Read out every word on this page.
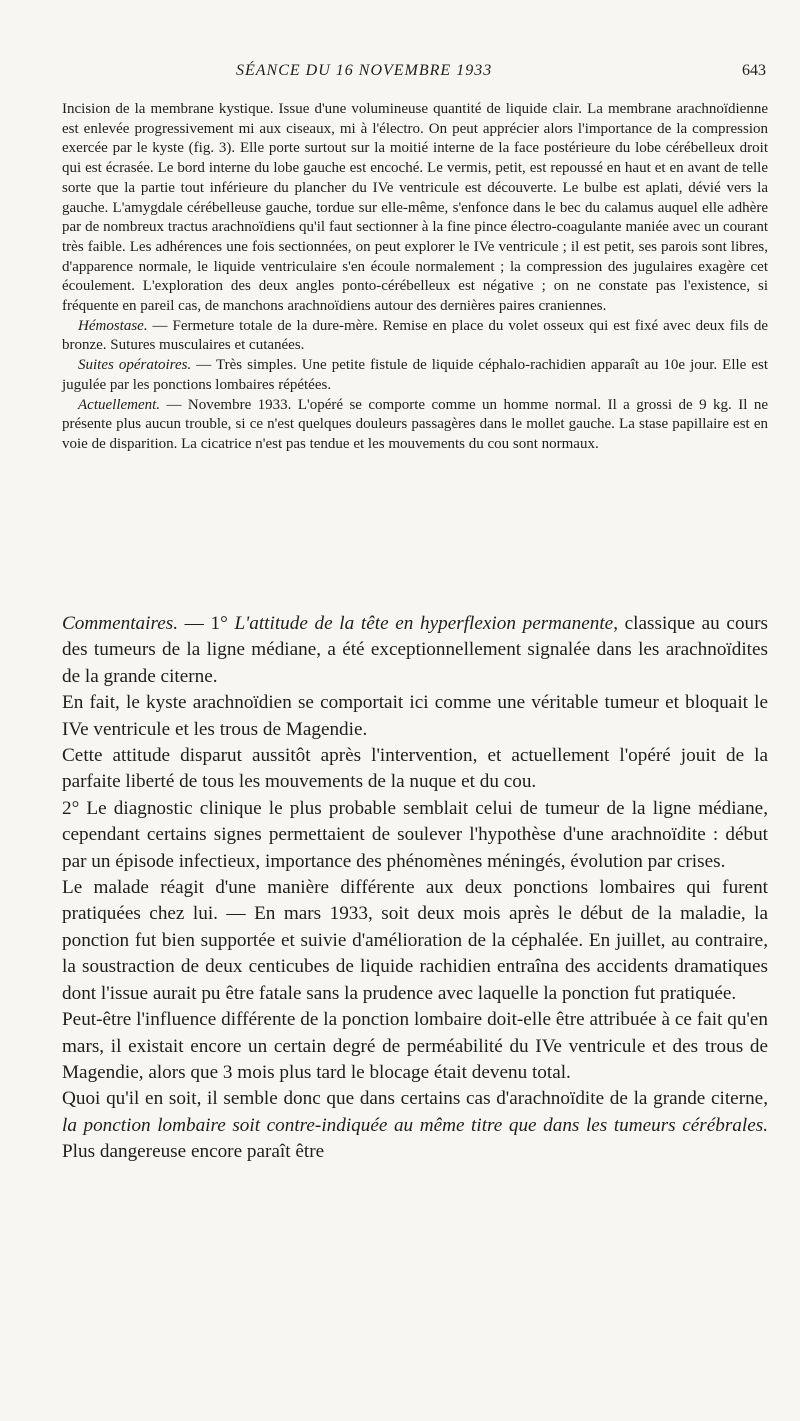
SÉANCE DU 16 NOVEMBRE 1933	643

Incision de la membrane kystique. Issue d'une volumineuse quantité de liquide clair. La membrane arachnoïdienne est enlevée progressivement mi aux ciseaux, mi à l'électro. On peut apprécier alors l'importance de la compression exercée par le kyste (fig. 3). Elle porte surtout sur la moitié interne de la face postérieure du lobe cérébelleux droit qui est écrasée. Le bord interne du lobe gauche est encoché. Le vermis, petit, est repoussé en haut et en avant de telle sorte que la partie tout inférieure du plancher du IVe ventricule est découverte. Le bulbe est aplati, dévié vers la gauche. L'amygdale cérébelleuse gauche, tordue sur elle-même, s'enfonce dans le bec du calamus auquel elle adhère par de nombreux tractus arachnoïdiens qu'il faut sectionner à la fine pince électro-coagulante maniée avec un courant très faible. Les adhérences une fois sectionnées, on peut explorer le IVe ventricule ; il est petit, ses parois sont libres, d'apparence normale, le liquide ventriculaire s'en écoule normalement ; la compression des jugulaires exagère cet écoulement. L'exploration des deux angles ponto-cérébelleux est négative ; on ne constate pas l'existence, si fréquente en pareil cas, de manchons arachnoïdiens autour des dernières paires craniennes.

Hémostase. — Fermeture totale de la dure-mère. Remise en place du volet osseux qui est fixé avec deux fils de bronze. Sutures musculaires et cutanées.

Suites opératoires. — Très simples. Une petite fistule de liquide céphalo-rachidien apparaît au 10e jour. Elle est jugulée par les ponctions lombaires répétées.

Actuellement. — Novembre 1933. L'opéré se comporte comme un homme normal. Il a grossi de 9 kg. Il ne présente plus aucun trouble, si ce n'est quelques douleurs passagères dans le mollet gauche. La stase papillaire est en voie de disparition. La cicatrice n'est pas tendue et les mouvements du cou sont normaux.

Commentaires. — 1° L'attitude de la tête en hyperflexion permanente, classique au cours des tumeurs de la ligne médiane, a été exceptionnellement signalée dans les arachnoïdites de la grande citerne.

En fait, le kyste arachnoïdien se comportait ici comme une véritable tumeur et bloquait le IVe ventricule et les trous de Magendie.

Cette attitude disparut aussitôt après l'intervention, et actuellement l'opéré jouit de la parfaite liberté de tous les mouvements de la nuque et du cou.

2° Le diagnostic clinique le plus probable semblait celui de tumeur de la ligne médiane, cependant certains signes permettaient de soulever l'hypothèse d'une arachnoïdite : début par un épisode infectieux, importance des phénomènes méningés, évolution par crises.

Le malade réagit d'une manière différente aux deux ponctions lombaires qui furent pratiquées chez lui. — En mars 1933, soit deux mois après le début de la maladie, la ponction fut bien supportée et suivie d'amélioration de la céphalée. En juillet, au contraire, la soustraction de deux centicubes de liquide rachidien entraîna des accidents dramatiques dont l'issue aurait pu être fatale sans la prudence avec laquelle la ponction fut pratiquée.

Peut-être l'influence différente de la ponction lombaire doit-elle être attribuée à ce fait qu'en mars, il existait encore un certain degré de perméabilité du IVe ventricule et des trous de Magendie, alors que 3 mois plus tard le blocage était devenu total.

Quoi qu'il en soit, il semble donc que dans certains cas d'arachnoïdite de la grande citerne, la ponction lombaire soit contre-indiquée au même titre que dans les tumeurs cérébrales. Plus dangereuse encore paraît être
